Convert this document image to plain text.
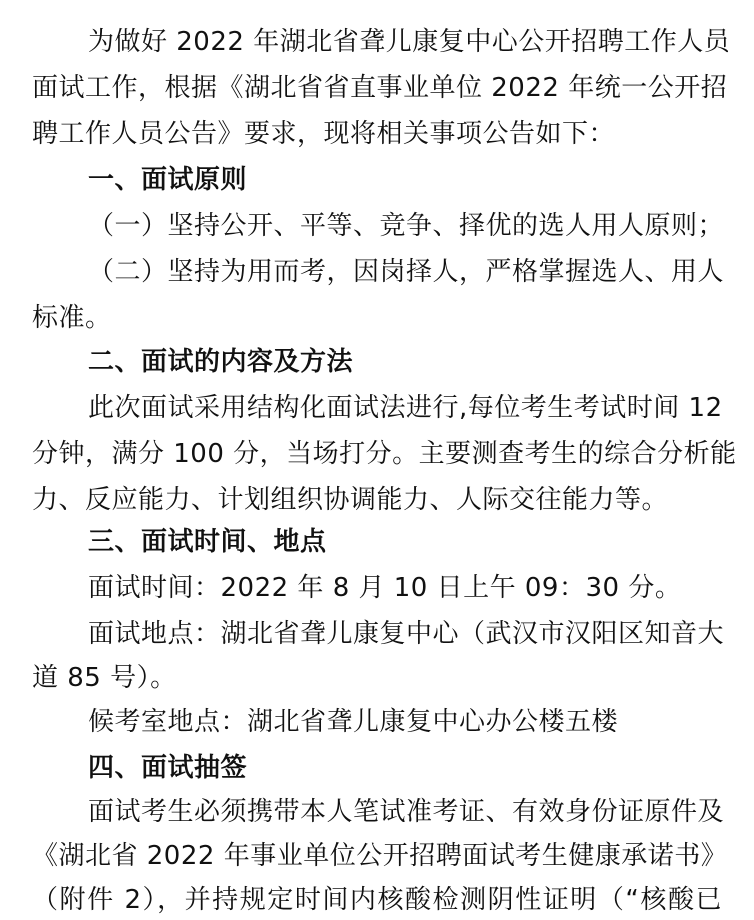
为做好 2022 年湖北省聋儿康复中心公开招聘工作人员
面试工作，根据《湖北省省直事业单位 2022 年统一公开招
聘工作人员公告》要求，现将相关事项公告如下：
一、面试原则
（一）坚持公开、平等、竞争、择优的选人用人原则；
（二）坚持为用而考，因岗择人，严格掌握选人、用人
标准。
二、面试的内容及方法
此次面试采用结构化面试法进行,每位考生考试时间 12
分钟，满分 100 分，当场打分。主要测查考生的综合分析能
力、反应能力、计划组织协调能力、人际交往能力等。
三、面试时间、地点
面试时间：2022 年 8 月 10 日上午 09：30 分。
面试地点：湖北省聋儿康复中心（武汉市汉阳区知音大
道 85 号）。
候考室地点：湖北省聋儿康复中心办公楼五楼
四、面试抽签
面试考生必须携带本人笔试准考证、有效身份证原件及
《湖北省 2022 年事业单位公开招聘面试考生健康承诺书》
（附件 2），并持规定时间内核酸检测阴性证明（“核酸已
